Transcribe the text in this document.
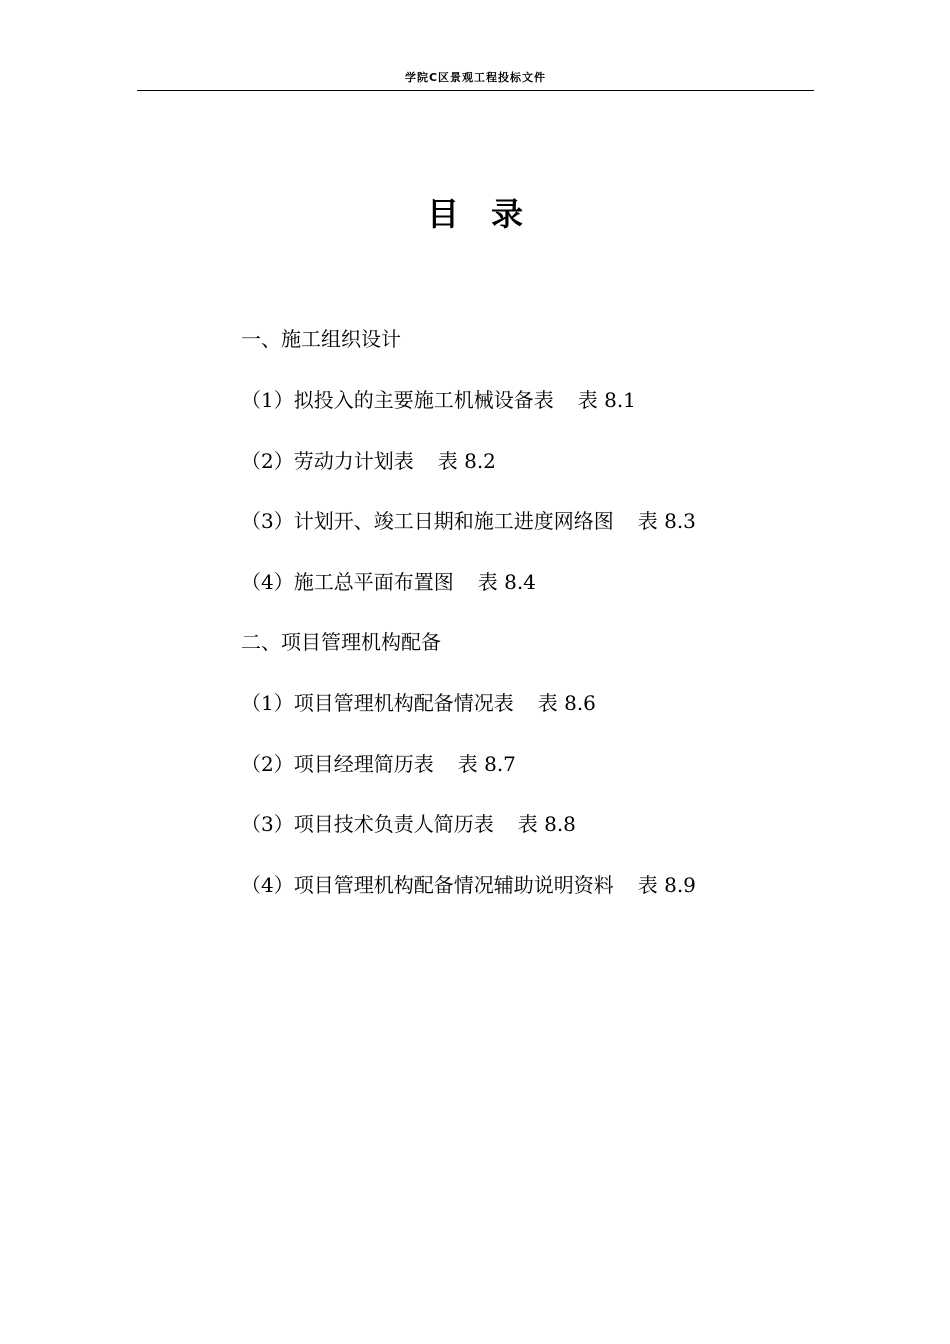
学院C区景观工程投标文件
目录
一、施工组织设计
（1）拟投入的主要施工机械设备表 表 8.1
（2）劳动力计划表 表 8.2
（3）计划开、竣工日期和施工进度网络图 表 8.3
（4）施工总平面布置图 表 8.4
二、项目管理机构配备
（1）项目管理机构配备情况表 表 8.6
（2）项目经理简历表 表 8.7
（3）项目技术负责人简历表 表 8.8
（4）项目管理机构配备情况辅助说明资料 表 8.9
